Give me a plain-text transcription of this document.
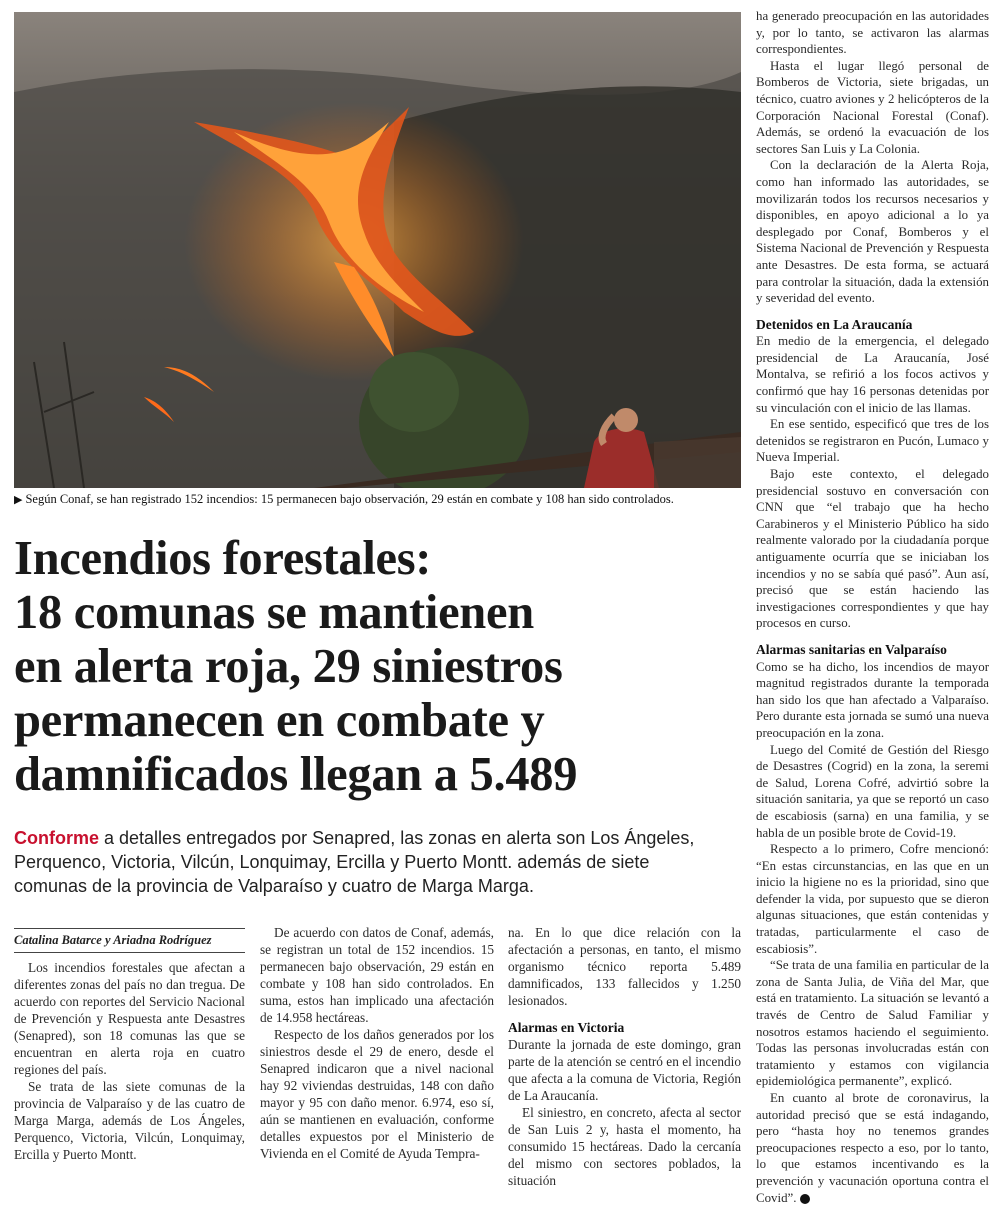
▶ Según Conaf, se han registrado 152 incendios: 15 permanecen bajo observación, 29 están en combate y 108 han sido controlados.
Incendios forestales:
18 comunas se mantienen
en alerta roja, 29 siniestros
permanecen en combate y
damnificados llegan a 5.489

Conforme a detalles entregados por Senapred, las zonas en alerta son Los Ángeles, Perquenco, Victoria, Vilcún, Lonquimay, Ercilla y Puerto Montt. además de siete comunas de la provincia de Valparaíso y cuatro de Marga Marga.

Catalina Batarce y Ariadna Rodríguez

Los incendios forestales que afectan a diferentes zonas del país no dan tregua. De acuerdo con reportes del Servicio Nacional de Prevención y Respuesta ante Desastres (Senapred), son 18 comunas las que se encuentran en alerta roja en cuatro regiones del país.

Se trata de las siete comunas de la provincia de Valparaíso y de las cuatro de Marga Marga, además de Los Ángeles, Perquenco, Victoria, Vilcún, Lonquimay, Ercilla y Puerto Montt.

De acuerdo con datos de Conaf, además, se registran un total de 152 incendios. 15 permanecen bajo observación, 29 están en combate y 108 han sido controlados. En suma, estos han implicado una afectación de 14.958 hectáreas.

Respecto de los daños generados por los siniestros desde el 29 de enero, desde el Senapred indicaron que a nivel nacional hay 92 viviendas destruidas, 148 con daño mayor y 95 con daño menor. 6.974, eso sí, aún se mantienen en evaluación, conforme detalles expuestos por el Ministerio de Vivienda en el Comité de Ayuda Tempra-

na. En lo que dice relación con la afectación a personas, en tanto, el mismo organismo técnico reporta 5.489 damnificados, 133 fallecidos y 1.250 lesionados.

Alarmas en Victoria

Durante la jornada de este domingo, gran parte de la atención se centró en el incendio que afecta a la comuna de Victoria, Región de La Araucanía.

El siniestro, en concreto, afecta al sector de San Luis 2 y, hasta el momento, ha consumido 15 hectáreas. Dado la cercanía del mismo con sectores poblados, la situación

ha generado preocupación en las autoridades y, por lo tanto, se activaron las alarmas correspondientes.

Hasta el lugar llegó personal de Bomberos de Victoria, siete brigadas, un técnico, cuatro aviones y 2 helicópteros de la Corporación Nacional Forestal (Conaf). Además, se ordenó la evacuación de los sectores San Luis y La Colonia.

Con la declaración de la Alerta Roja, como han informado las autoridades, se movilizarán todos los recursos necesarios y disponibles, en apoyo adicional a lo ya desplegado por Conaf, Bomberos y el Sistema Nacional de Prevención y Respuesta ante Desastres. De esta forma, se actuará para controlar la situación, dada la extensión y severidad del evento.

Detenidos en La Araucanía

En medio de la emergencia, el delegado presidencial de La Araucanía, José Montalva, se refirió a los focos activos y confirmó que hay 16 personas detenidas por su vinculación con el inicio de las llamas.

En ese sentido, especificó que tres de los detenidos se registraron en Pucón, Lumaco y Nueva Imperial.

Bajo este contexto, el delegado presidencial sostuvo en conversación con CNN que “el trabajo que ha hecho Carabineros y el Ministerio Público ha sido realmente valorado por la ciudadanía porque antiguamente ocurría que se iniciaban los incendios y no se sabía qué pasó”. Aun así, precisó que se están haciendo las investigaciones correspondientes y que hay procesos en curso.

Alarmas sanitarias en Valparaíso

Como se ha dicho, los incendios de mayor magnitud registrados durante la temporada han sido los que han afectado a Valparaíso. Pero durante esta jornada se sumó una nueva preocupación en la zona.

Luego del Comité de Gestión del Riesgo de Desastres (Cogrid) en la zona, la seremi de Salud, Lorena Cofré, advirtió sobre la situación sanitaria, ya que se reportó un caso de escabiosis (sarna) en una familia, y se habla de un posible brote de Covid-19.

Respecto a lo primero, Cofre mencionó: “En estas circunstancias, en las que en un inicio la higiene no es la prioridad, sino que defender la vida, por supuesto que se dieron algunas situaciones, que están contenidas y tratadas, particularmente el caso de escabiosis”.

“Se trata de una familia en particular de la zona de Santa Julia, de Viña del Mar, que está en tratamiento. La situación se levantó a través de Centro de Salud Familiar y nosotros estamos haciendo el seguimiento. Todas las personas involucradas están con tratamiento y estamos con vigilancia epidemiológica permanente”, explicó.

En cuanto al brote de coronavirus, la autoridad precisó que se está indagando, pero “hasta hoy no tenemos grandes preocupaciones respecto a eso, por lo tanto, lo que estamos incentivando es la prevención y vacunación oportuna contra el Covid”.
